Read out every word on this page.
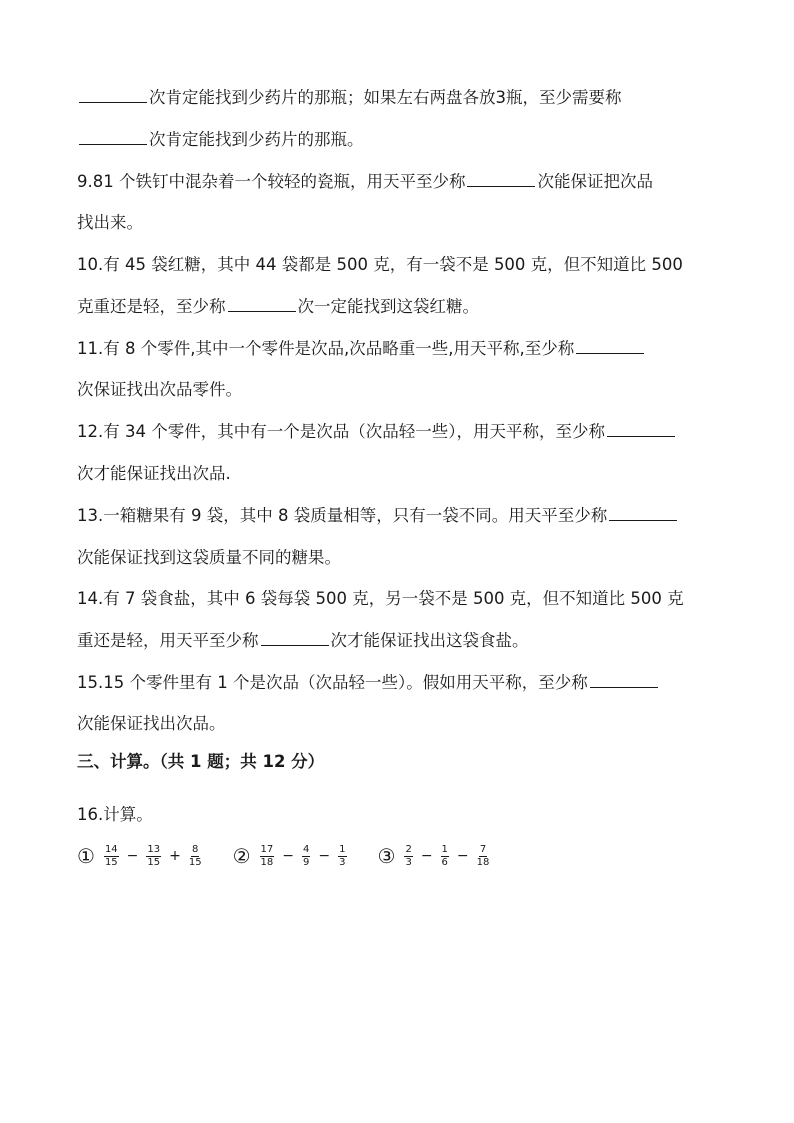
次肯定能找到少药片的那瓶；如果左右两盘各放3瓶，至少需要称
次肯定能找到少药片的那瓶。
9.81 个铁钉中混杂着一个较轻的瓷瓶，用天平至少称	次能保证把次品
找出来。
10.有 45 袋红糖，其中 44 袋都是 500 克，有一袋不是 500 克，但不知道比 500
克重还是轻，至少称	次一定能找到这袋红糖。
11.有 8 个零件,其中一个零件是次品,次品略重一些,用天平称,至少称
次保证找出次品零件。
12.有 34 个零件，其中有一个是次品（次品轻一些），用天平称，至少称
次才能保证找出次品.
13.一箱糖果有 9 袋，其中 8 袋质量相等，只有一袋不同。用天平至少称
次能保证找到这袋质量不同的糖果。
14.有 7 袋食盐，其中 6 袋每袋 500 克，另一袋不是 500 克，但不知道比 500 克
重还是轻，用天平至少称	次才能保证找出这袋食盐。
15.15 个零件里有 1 个是次品（次品轻一些）。假如用天平称，至少称
次能保证找出次品。
三、计算。（共 1 题；共 12 分）
16.计算。
① $\frac{14}{15} - \frac{13}{15} + \frac{8}{15}$ ② $\frac{17}{18} - \frac{4}{9} - \frac{1}{3}$ ③ $\frac{2}{3} - \frac{1}{6} - \frac{7}{18}$
